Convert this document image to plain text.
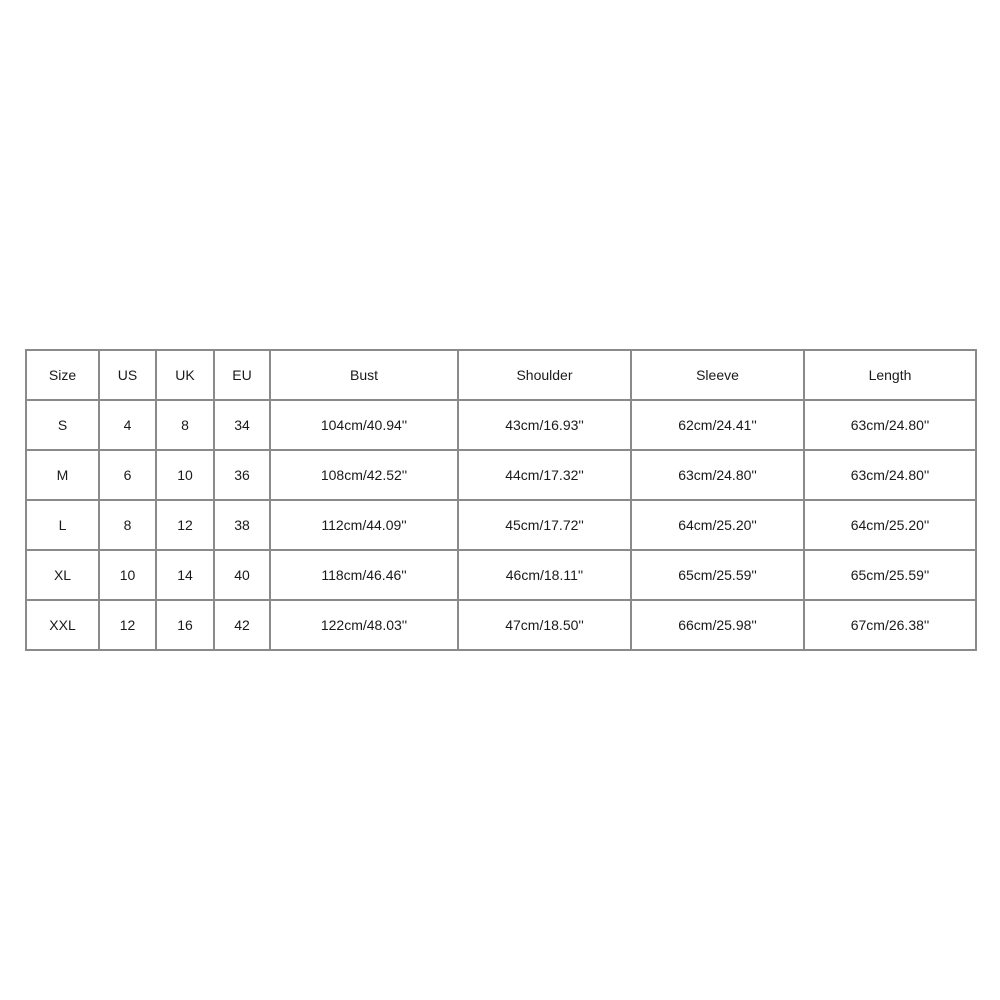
Size	US	UK	EU	Bust	Shoulder	Sleeve	Length
S	4	8	34	104cm/40.94''	43cm/16.93''	62cm/24.41''	63cm/24.80''
M	6	10	36	108cm/42.52''	44cm/17.32''	63cm/24.80''	63cm/24.80''
L	8	12	38	112cm/44.09''	45cm/17.72''	64cm/25.20''	64cm/25.20''
XL	10	14	40	118cm/46.46''	46cm/18.11''	65cm/25.59''	65cm/25.59''
XXL	12	16	42	122cm/48.03''	47cm/18.50''	66cm/25.98''	67cm/26.38''
